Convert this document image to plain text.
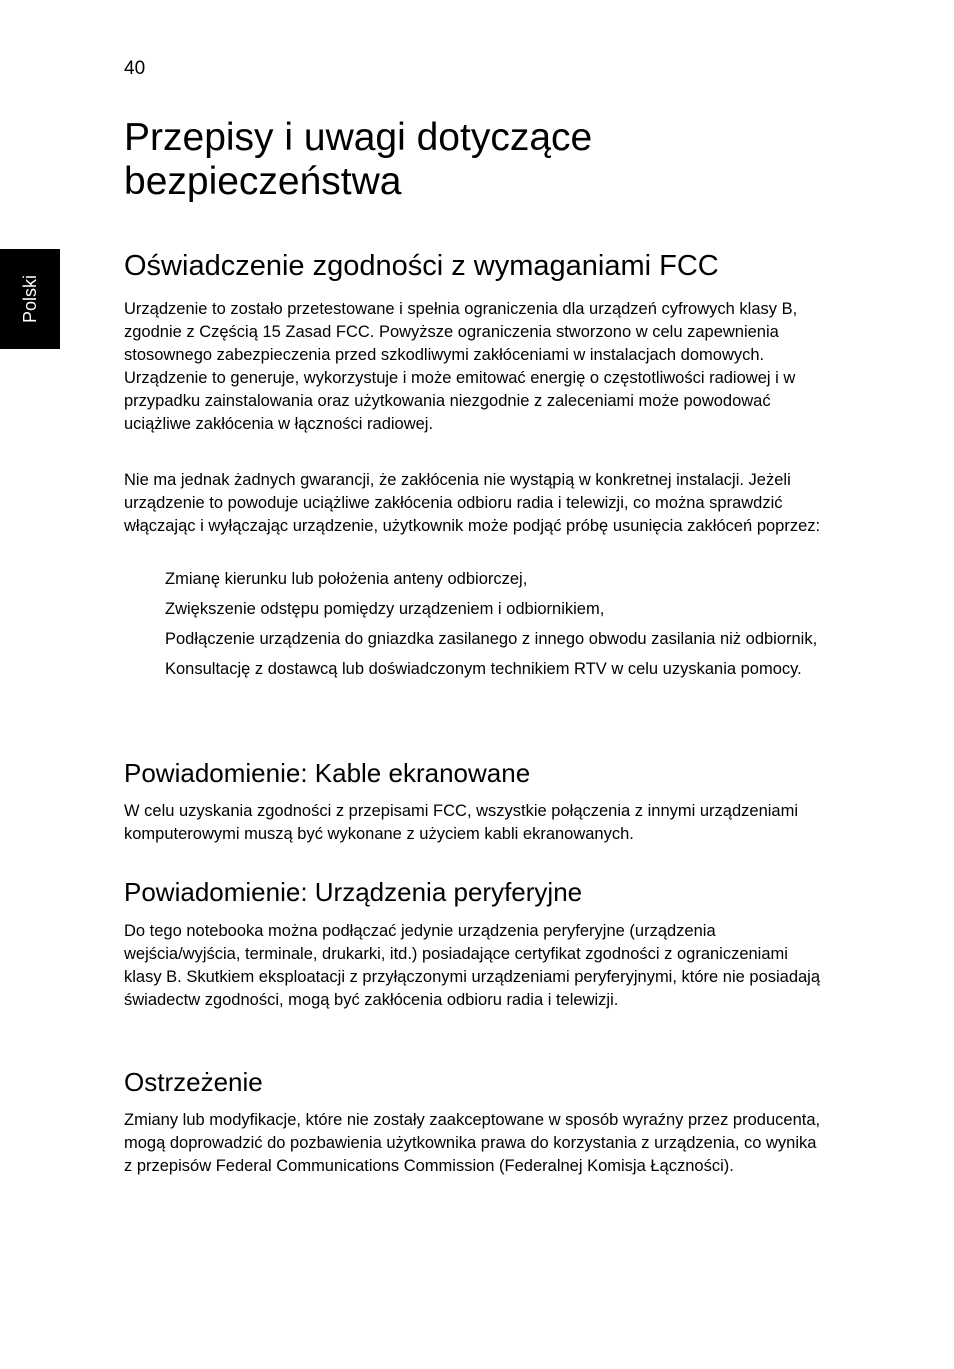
40
Polski
Przepisy i uwagi dotyczące bezpieczeństwa
Oświadczenie zgodności z wymaganiami FCC

Urządzenie to zostało przetestowane i spełnia ograniczenia dla urządzeń cyfrowych klasy B, zgodnie z Częścią 15 Zasad FCC. Powyższe ograniczenia stworzono w celu zapewnienia stosownego zabezpieczenia przed szkodliwymi zakłóceniami w instalacjach domowych. Urządzenie to generuje, wykorzystuje i może emitować energię o częstotliwości radiowej i w przypadku zainstalowania oraz użytkowania niezgodnie z zaleceniami może powodować uciążliwe zakłócenia w łączności radiowej.

Nie ma jednak żadnych gwarancji, że zakłócenia nie wystąpią w konkretnej instalacji. Jeżeli urządzenie to powoduje uciążliwe zakłócenia odbioru radia i telewizji, co można sprawdzić włączając i wyłączając urządzenie, użytkownik może podjąć próbę usunięcia zakłóceń poprzez:

Zmianę kierunku lub położenia anteny odbiorczej,
Zwiększenie odstępu pomiędzy urządzeniem i odbiornikiem,
Podłączenie urządzenia do gniazdka zasilanego z innego obwodu zasilania niż odbiornik,
Konsultację z dostawcą lub doświadczonym technikiem RTV w celu uzyskania pomocy.
Powiadomienie: Kable ekranowane

W celu uzyskania zgodności z przepisami FCC, wszystkie połączenia z innymi urządzeniami komputerowymi muszą być wykonane z użyciem kabli ekranowanych.

Powiadomienie: Urządzenia peryferyjne

Do tego notebooka można podłączać jedynie urządzenia peryferyjne (urządzenia wejścia/wyjścia, terminale, drukarki, itd.) posiadające certyfikat zgodności z ograniczeniami klasy B. Skutkiem eksploatacji z przyłączonymi urządzeniami peryferyjnymi, które nie posiadają świadectw zgodności, mogą być zakłócenia odbioru radia i telewizji.

Ostrzeżenie

Zmiany lub modyfikacje, które nie zostały zaakceptowane w sposób wyraźny przez producenta, mogą doprowadzić do pozbawienia użytkownika prawa do korzystania z urządzenia, co wynika z przepisów Federal Communications Commission (Federalnej Komisja Łączności).
